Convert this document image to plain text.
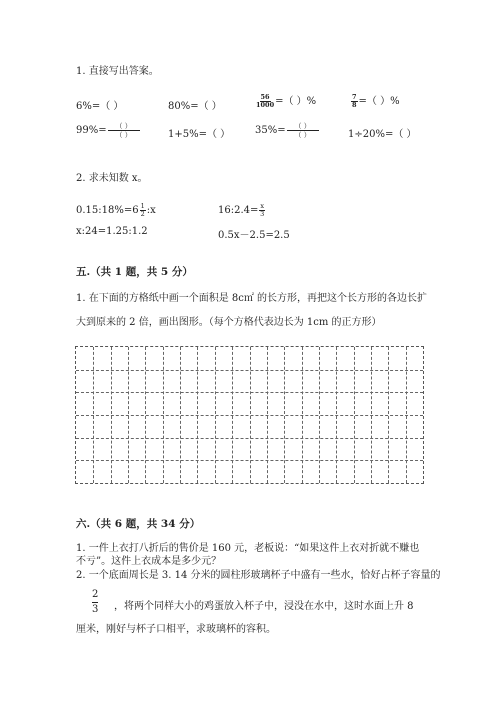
1. 直接写出答案。
6%=（ ）	80%=（ ）	$\frac{56}{1000}$ =（ ）%	$\frac{7}{8}$ =（ ）%
$99\%= \frac{( )}{( )}$	1+5%=（ ） $35\%= \frac{( )}{( )}$	1÷20%=（ ）
2. 求未知数 x。
0.15:18%=6 $\frac{1}{2}$ :x	16:2.4= $\frac{x}{3}$
x:24=1.25:1.2	0.5x－2.5=2.5
五.（共 1 题，共 5 分）
1. 在下面的方格纸中画一个面积是 8c㎡ 的长方形，再把这个长方形的各边长扩
大到原来的 2 倍，画出图形。（每个方格代表边长为 1cm 的正方形）
六.（共 6 题，共 34 分）
1. 一件上衣打八折后的售价是 160 元，老板说：“如果这件上衣对折就不赚也
不亏”。这件上衣成本是多少元？
2. 一个底面周长是 3. 14 分米的圆柱形玻璃杯子中盛有一些水，恰好占杯子容量的
$\frac{2}{3}$ ，将两个同样大小的鸡蛋放入杯子中，浸没在水中，这时水面上升 8
厘米，刚好与杯子口相平，求玻璃杯的容积。
